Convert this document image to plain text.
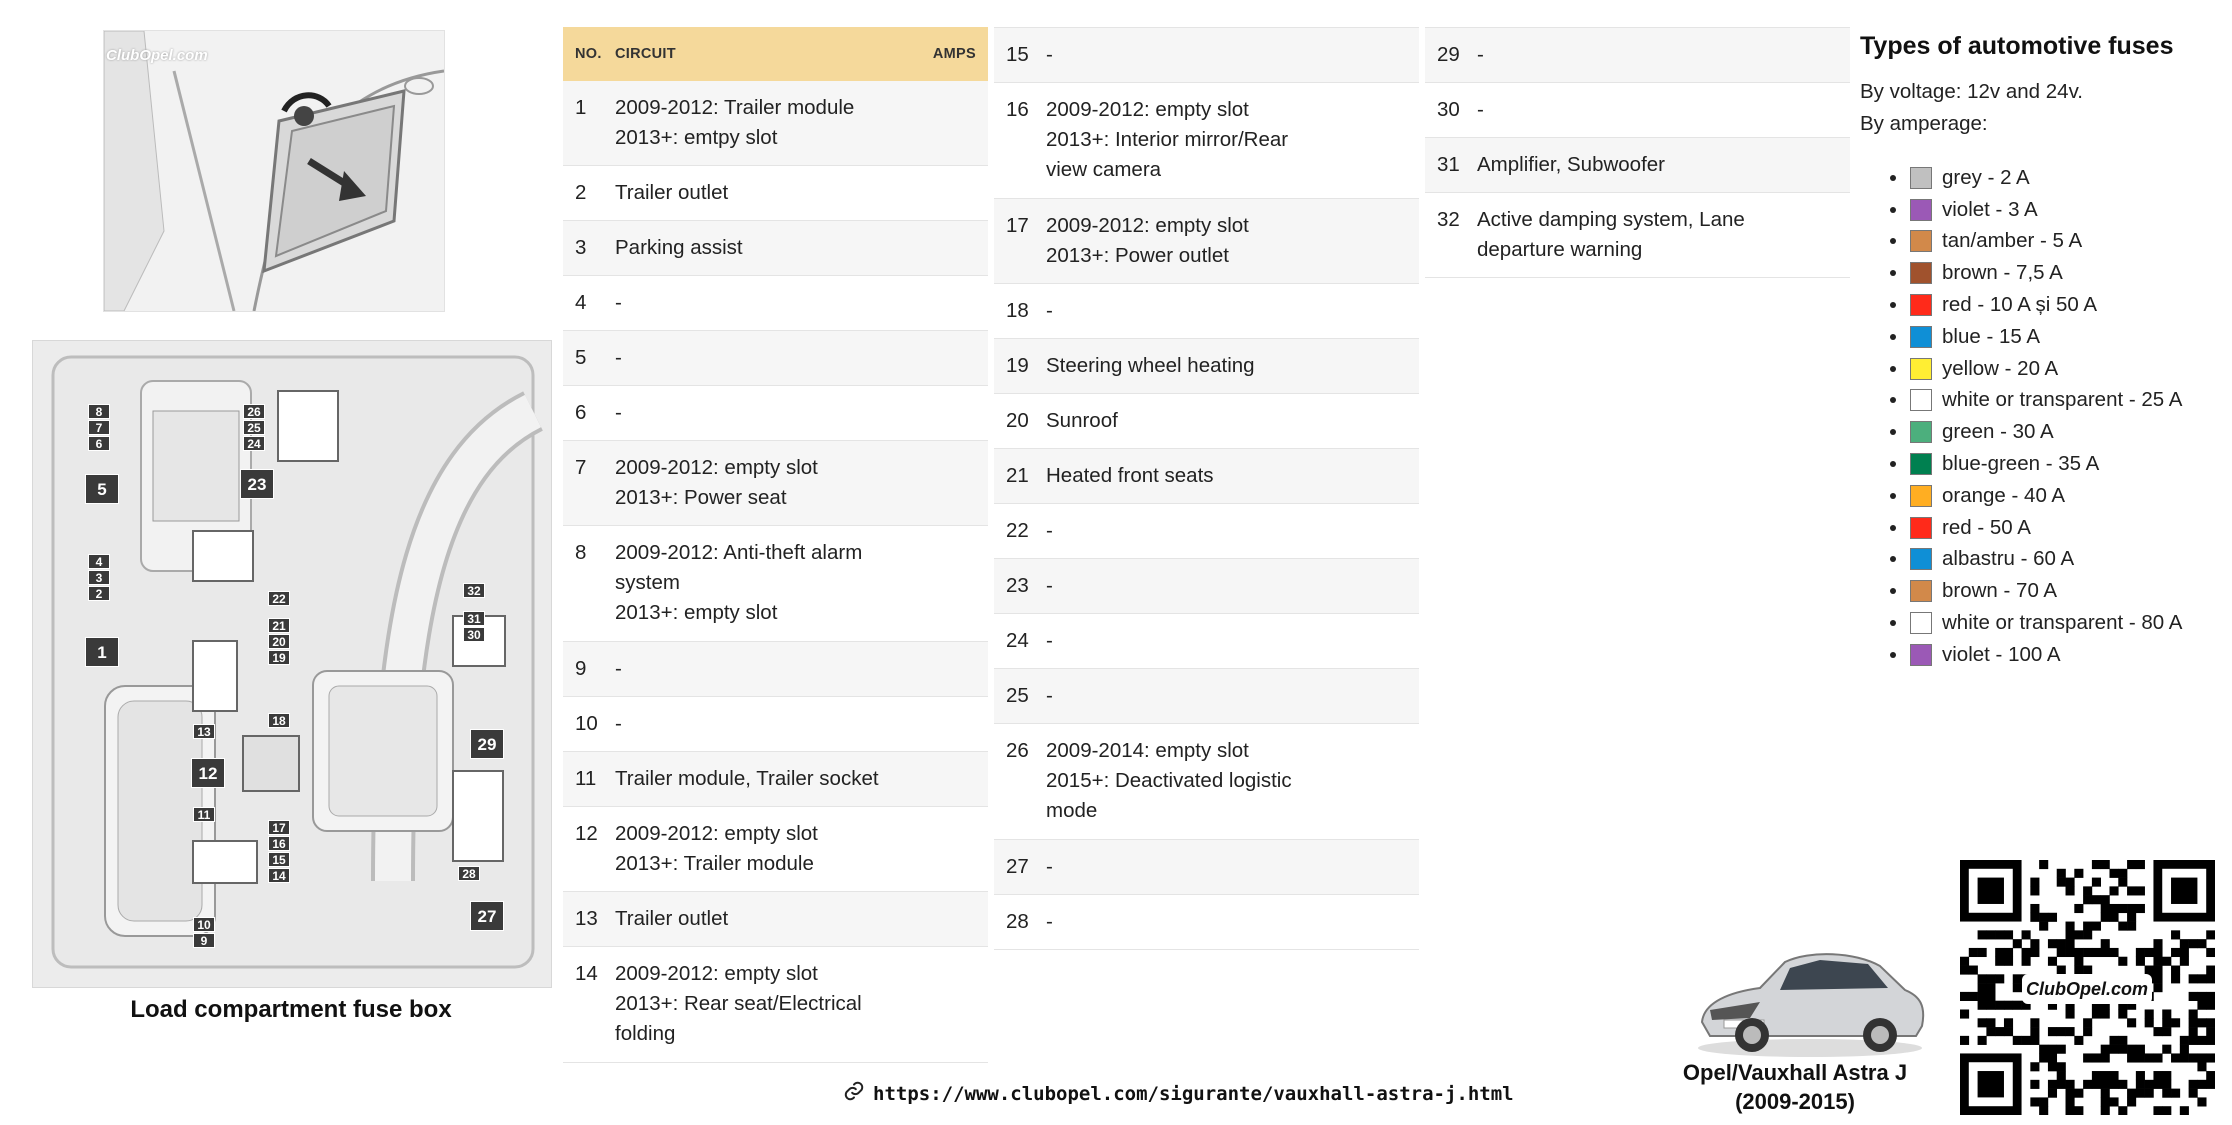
ClubOpel.com
8
7
6
5
4
3
2
1
13
12
11
10
9
26
25
24
23
22
21
20
19
18
17
16
15
14
32
31
30
29
28
27
Load compartment fuse box
NO. CIRCUIT	AMPS
1	2009-2012: Trailer module
2013+: emtpy slot
2	Trailer outlet
3	Parking assist
4	-
5	-
6	-
7	2009-2012: empty slot
2013+: Power seat
8	2009-2012: Anti-theft alarm
system
2013+: empty slot
9	-
10 -
11 Trailer module, Trailer socket
12 2009-2012: empty slot
2013+: Trailer module
13 Trailer outlet
14 2009-2012: empty slot
2013+: Rear seat/Electrical
folding
15 -
16 2009-2012: empty slot
2013+: Interior mirror/Rear
view camera
17 2009-2012: empty slot
2013+: Power outlet
18 -
19 Steering wheel heating
20 Sunroof
21 Heated front seats
22 -
23 -
24 -
25 -
26 2009-2014: empty slot
2015+: Deactivated logistic
mode
27 -
28 -
29 -
30 -
31 Amplifier, Subwoofer
32 Active damping system, Lane
departure warning
Types of automotive fuses
By voltage: 12v and 24v.
By amperage:
grey - 2 A
violet - 3 A
tan/amber - 5 A
brown - 7,5 A
red - 10 A și 50 A
blue - 15 A
yellow - 20 A
white or transparent - 25 A
green - 30 A
blue-green - 35 A
orange - 40 A
red - 50 A
albastru - 60 A
brown - 70 A
white or transparent - 80 A
violet - 100 A
https://www.clubopel.com/sigurante/vauxhall-astra-j.html
Opel/Vauxhall Astra J
(2009-2015)
ClubOpel.com
